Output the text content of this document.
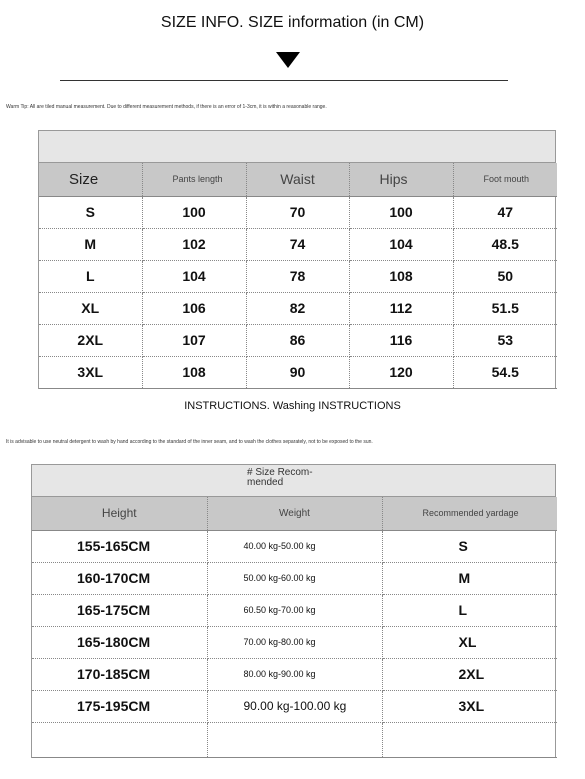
SIZE INFO. SIZE information (in CM)
Warm Tip: All are tiled manual measurement. Due to different measurement methods, if there is an error of 1-3cm, it is within a reasonable range.
Size	Pants length	Waist	Hips	Foot mouth
S	100	70	100	47
M	102	74	104	48.5
L	104	78	108	50
XL	106	82	112	51.5
2XL	107	86	116	53
3XL	108	90	120	54.5
INSTRUCTIONS. Washing INSTRUCTIONS
It is advisable to use neutral detergent to wash by hand according to the standard of the inner seam, and to wash the clothes separately, not to be exposed to the sun.
# Size Recom-mended
Height	Weight	Recommended yardage
155-165CM	40.00 kg-50.00 kg	S
160-170CM	50.00 kg-60.00 kg	M
165-175CM	60.50 kg-70.00 kg	L
165-180CM	70.00 kg-80.00 kg	XL
170-185CM	80.00 kg-90.00 kg	2XL
175-195CM	90.00 kg-100.00 kg	3XL
